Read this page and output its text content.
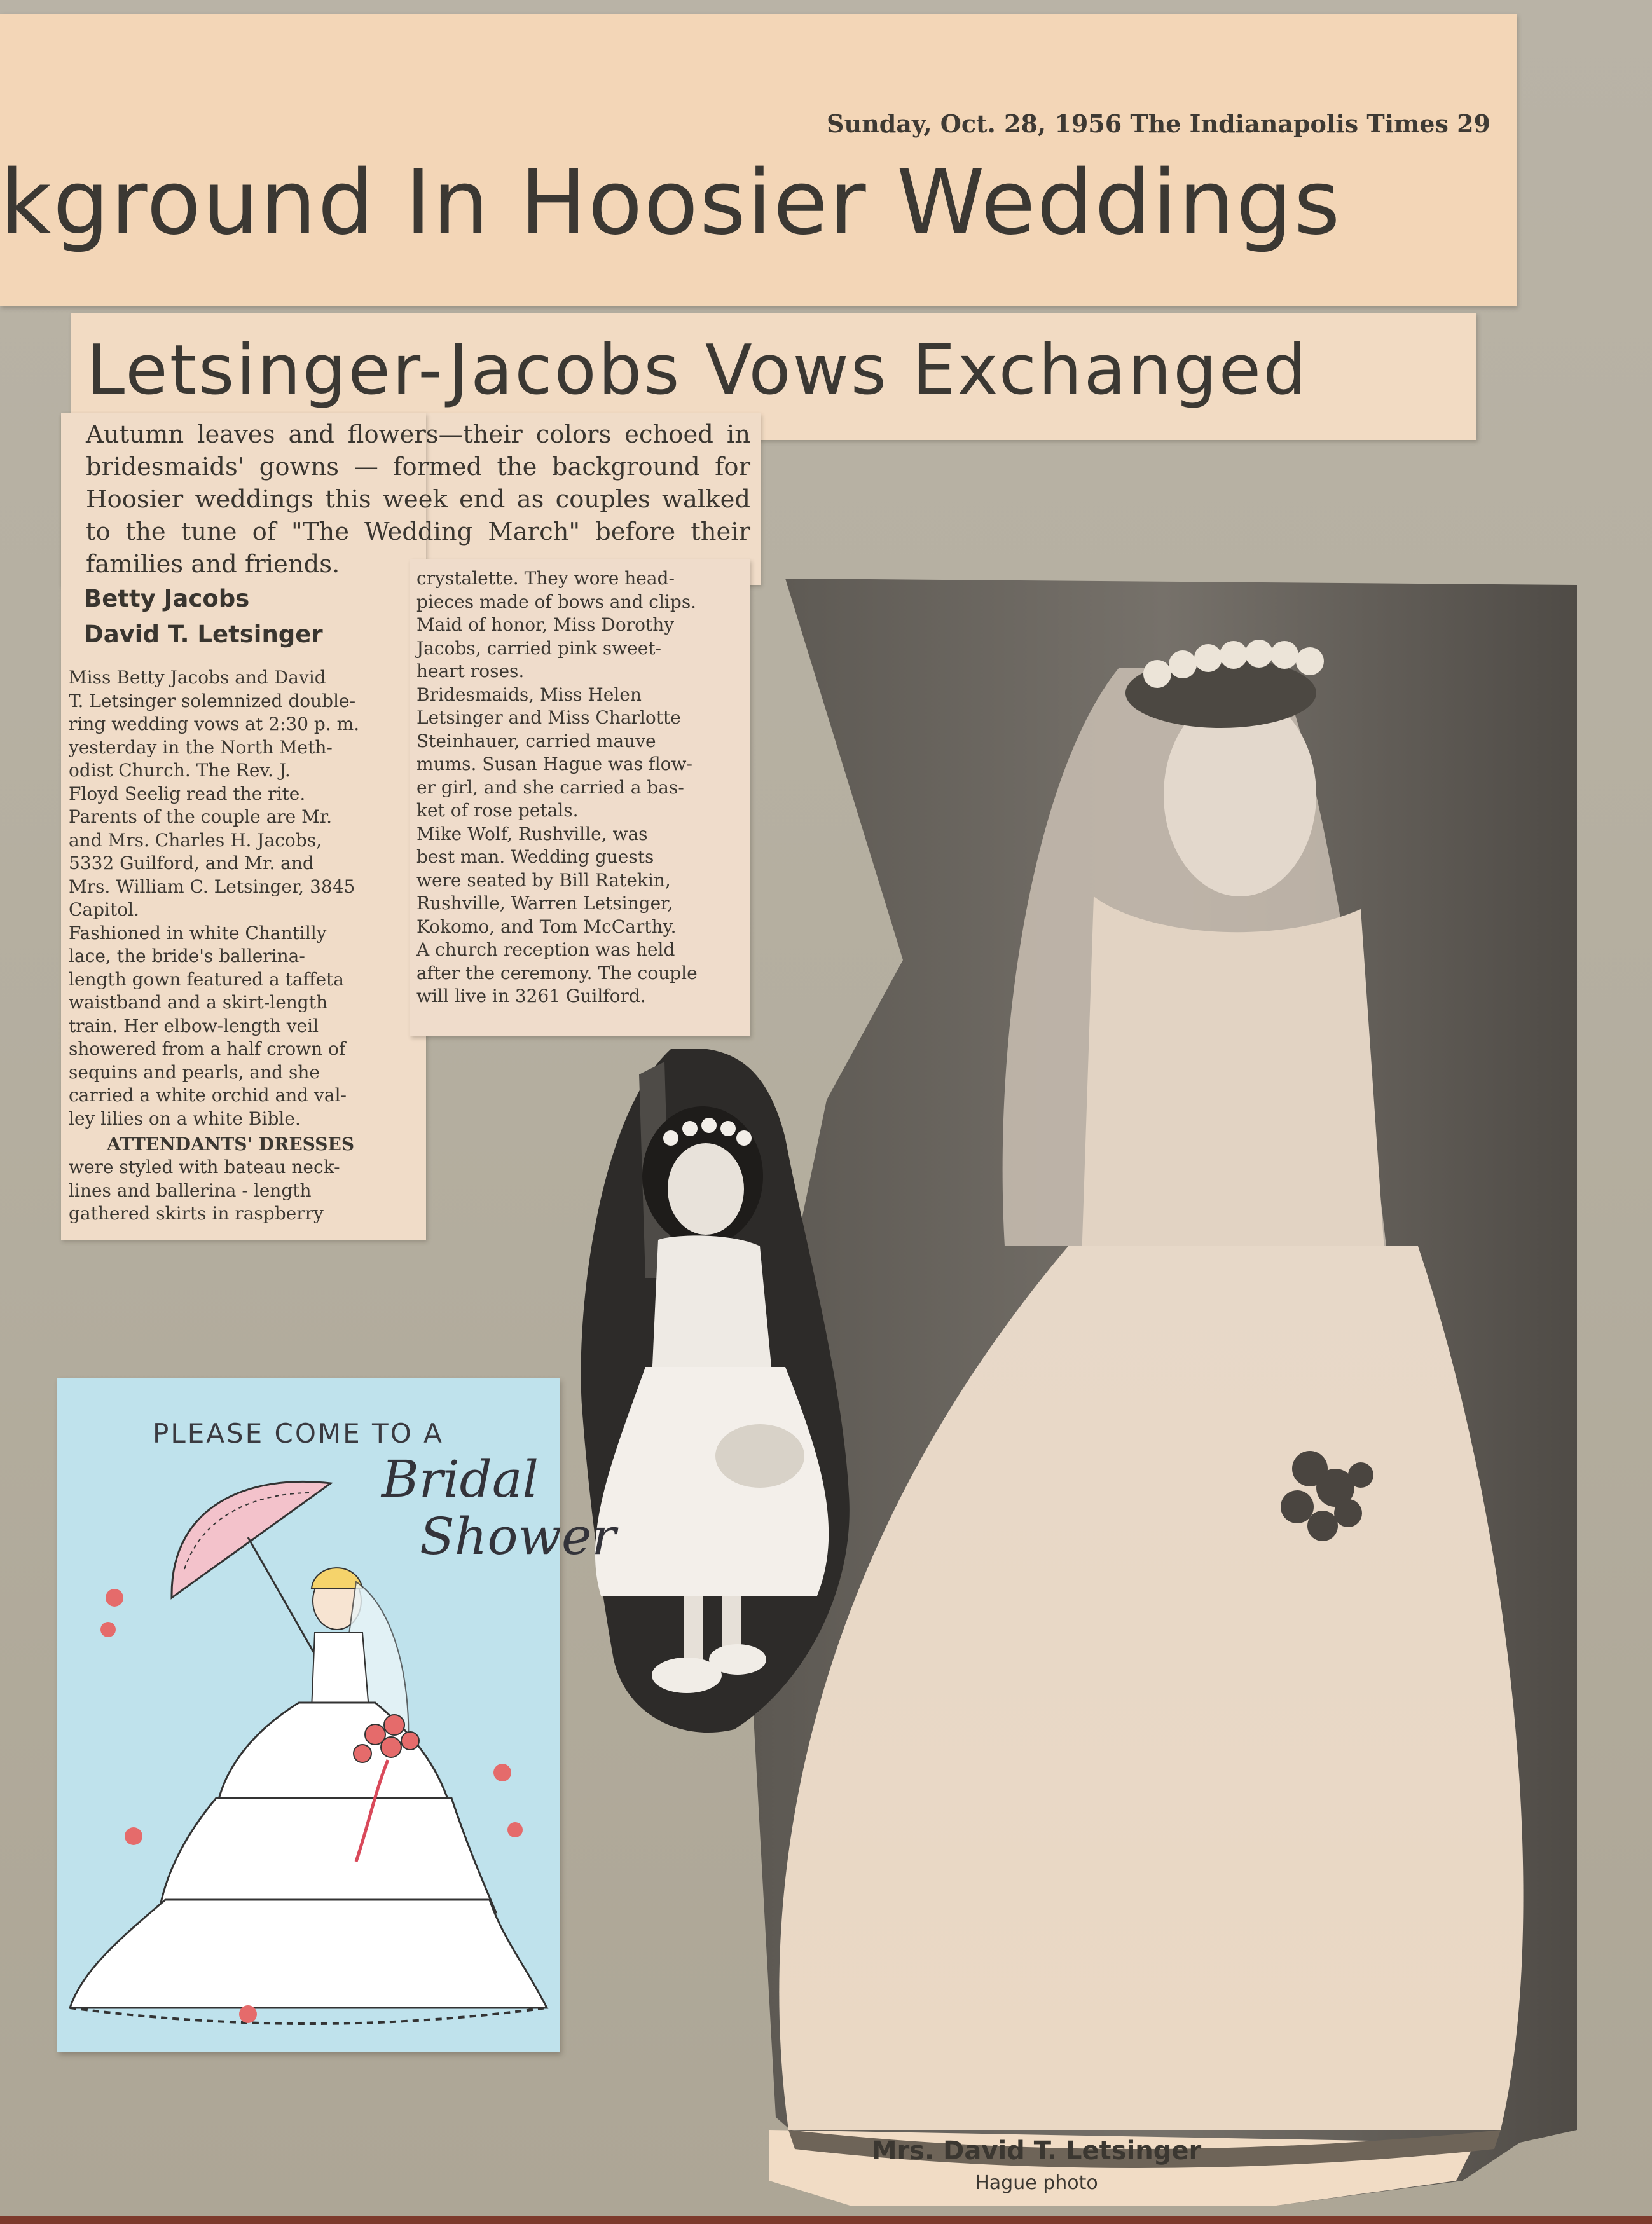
Sunday, Oct. 28, 1956 The Indianapolis Times 29
kground In Hoosier Weddings
Letsinger-Jacobs Vows Exchanged
Autumn leaves and flowers—their colors echoed in bridesmaids' gowns — formed the background for Hoosier weddings this week end as couples walked to the tune of "The Wedding March" before their families and friends.
Betty Jacobs
David T. Letsinger
Miss Betty Jacobs and David
T. Letsinger solemnized double-
ring wedding vows at 2:30 p. m.
yesterday in the North Meth-
odist Church. The Rev. J.
Floyd Seelig read the rite.
Parents of the couple are Mr.
and Mrs. Charles H. Jacobs,
5332 Guilford, and Mr. and
Mrs. William C. Letsinger, 3845
Capitol.
Fashioned in white Chantilly
lace, the bride's ballerina-
length gown featured a taffeta
waistband and a skirt-length
train. Her elbow-length veil
showered from a half crown of
sequins and pearls, and she
carried a white orchid and val-
ley lilies on a white Bible.
ATTENDANTS' DRESSES
were styled with bateau neck-
lines and ballerina - length
gathered skirts in raspberry
crystalette. They wore head-
pieces made of bows and clips.
Maid of honor, Miss Dorothy
Jacobs, carried pink sweet-
heart roses.
Bridesmaids, Miss Helen
Letsinger and Miss Charlotte
Steinhauer, carried mauve
mums. Susan Hague was flow-
er girl, and she carried a bas-
ket of rose petals.
Mike Wolf, Rushville, was
best man. Wedding guests
were seated by Bill Ratekin,
Rushville, Warren Letsinger,
Kokomo, and Tom McCarthy.
A church reception was held
after the ceremony. The couple
will live in 3261 Guilford.
Mrs. David T. Letsinger
Hague photo
PLEASE COME TO A
Bridal
Shower
